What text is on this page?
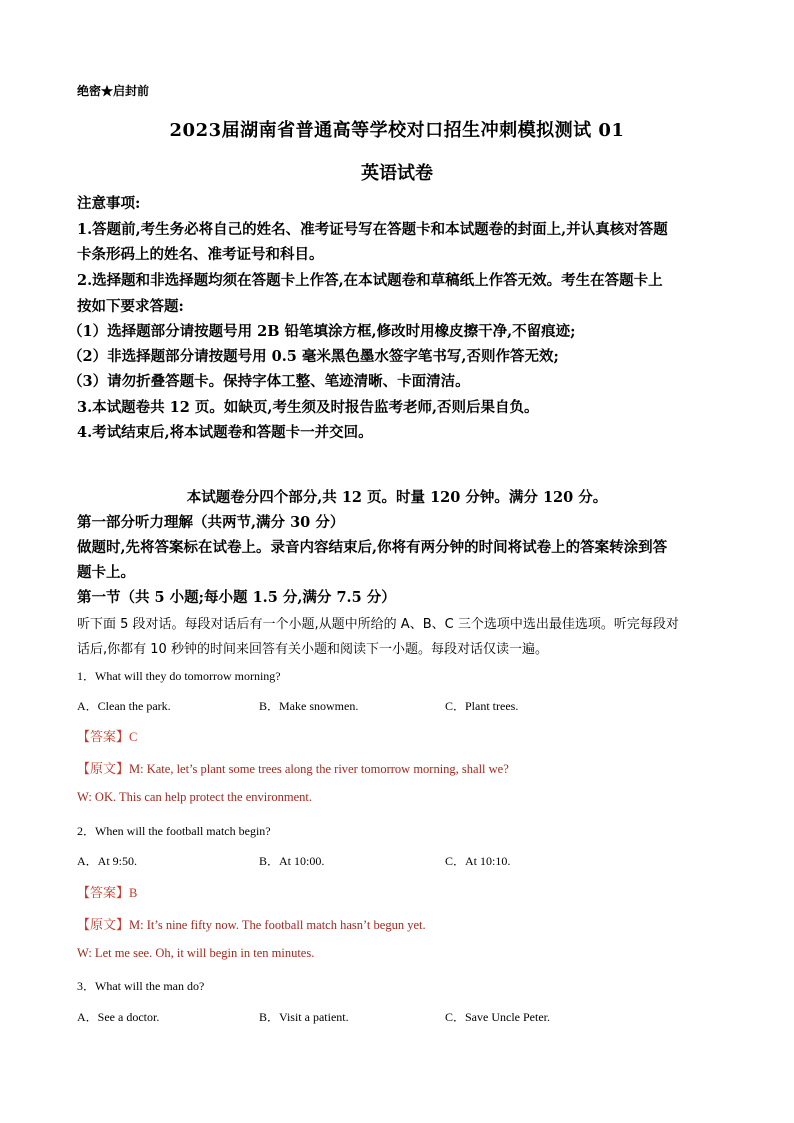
绝密★启封前
2023届湖南省普通高等学校对口招生冲刺模拟测试 01
英语试卷
注意事项:
1.答题前,考生务必将自己的姓名、准考证号写在答题卡和本试题卷的封面上,并认真核对答题
卡条形码上的姓名、准考证号和科目。
2.选择题和非选择题均须在答题卡上作答,在本试题卷和草稿纸上作答无效。考生在答题卡上
按如下要求答题:
（1）选择题部分请按题号用 2B 铅笔填涂方框,修改时用橡皮擦干净,不留痕迹;
（2）非选择题部分请按题号用 0.5 毫米黑色墨水签字笔书写,否则作答无效;
（3）请勿折叠答题卡。保持字体工整、笔迹清晰、卡面清洁。
3.本试题卷共 12 页。如缺页,考生须及时报告监考老师,否则后果自负。
4.考试结束后,将本试题卷和答题卡一并交回。
本试题卷分四个部分,共 12 页。时量 120 分钟。满分 120 分。
第一部分听力理解（共两节,满分 30 分）
做题时,先将答案标在试卷上。录音内容结束后,你将有两分钟的时间将试卷上的答案转涂到答
题卡上。
第一节（共 5 小题;每小题 1.5 分,满分 7.5 分）
听下面 5 段对话。每段对话后有一个小题,从题中所给的 A、B、C 三个选项中选出最佳选项。听完每段对
话后,你都有 10 秒钟的时间来回答有关小题和阅读下一小题。每段对话仅读一遍。
1．What will they do tomorrow morning?
A．Clean the park.	B．Make snowmen.	C．Plant trees.
【答案】C
【原文】M: Kate, let’s plant some trees along the river tomorrow morning, shall we?
W: OK. This can help protect the environment.
2．When will the football match begin?
A．At 9:50.	B．At 10:00.	C．At 10:10.
【答案】B
【原文】M: It’s nine fifty now. The football match hasn’t begun yet.
W: Let me see. Oh, it will begin in ten minutes.
3．What will the man do?
A．See a doctor.	B．Visit a patient.	C．Save Uncle Peter.
